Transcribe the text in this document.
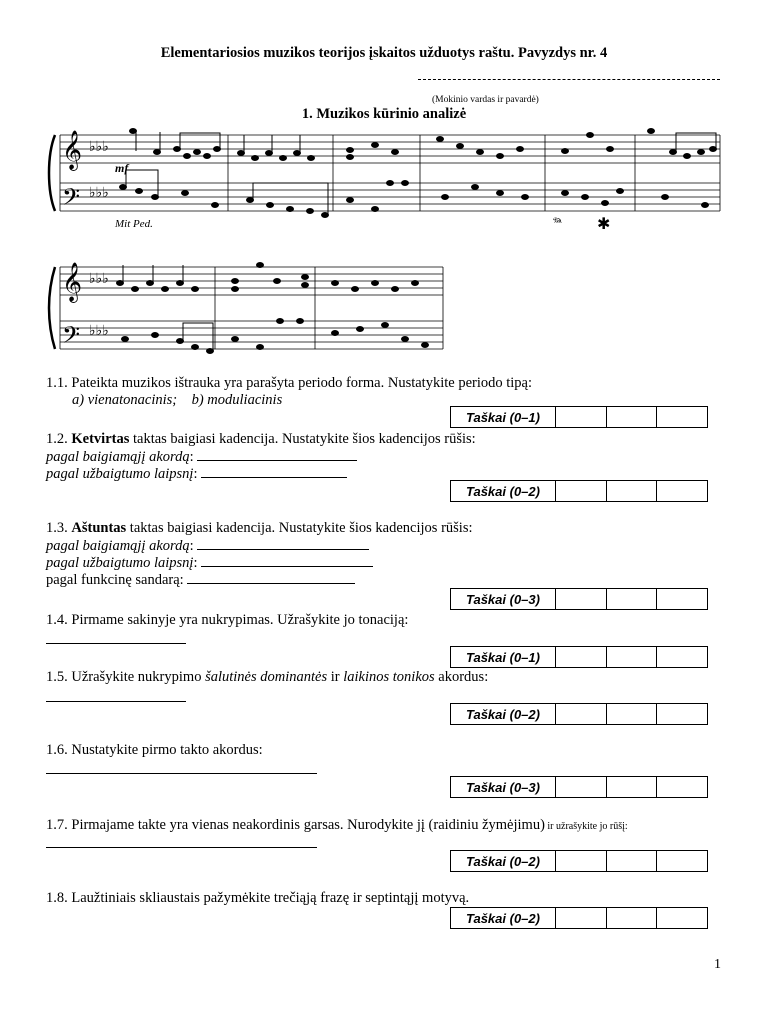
Elementariosios muzikos teorijos įskaitos užduotys raštu. Pavyzdys nr. 4
(Mokinio vardas ir pavardė)
1. Muzikos kūrinio analizė
𝄞
𝄢
♭♭♭
♭♭♭
mf
Mit Ped.	𝆮 ✱
𝄞
𝄢
♭♭♭
♭♭♭
1.1. Pateikta muzikos ištrauka yra parašyta periodo forma. Nustatykite periodo tipą:
a) vienatonacinis;    b) moduliacinis
Taškai (0–1)			
1.2. Ketvirtas taktas baigiasi kadencija. Nustatykite šios kadencijos rūšis:
pagal baigiamąjį akordą:
pagal užbaigtumo laipsnį:
Taškai (0–2)			
1.3. Aštuntas taktas baigiasi kadencija. Nustatykite šios kadencijos rūšis:
pagal baigiamąjį akordą:
pagal užbaigtumo laipsnį:
pagal funkcinę sandarą:
Taškai (0–3)			
1.4. Pirmame sakinyje yra nukrypimas. Užrašykite jo tonaciją:
Taškai (0–1)			
1.5. Užrašykite nukrypimo šalutinės dominantės ir laikinos tonikos akordus:
Taškai (0–2)			
1.6. Nustatykite pirmo takto akordus:
Taškai (0–3)			
1.7. Pirmajame takte yra vienas neakordinis garsas. Nurodykite jį (raidiniu žymėjimu) ir užrašykite jo rūšį:
Taškai (0–2)			
1.8. Laužtiniais skliaustais pažymėkite trečiąją frazę ir septintąjį motyvą.
Taškai (0–2)			
1
